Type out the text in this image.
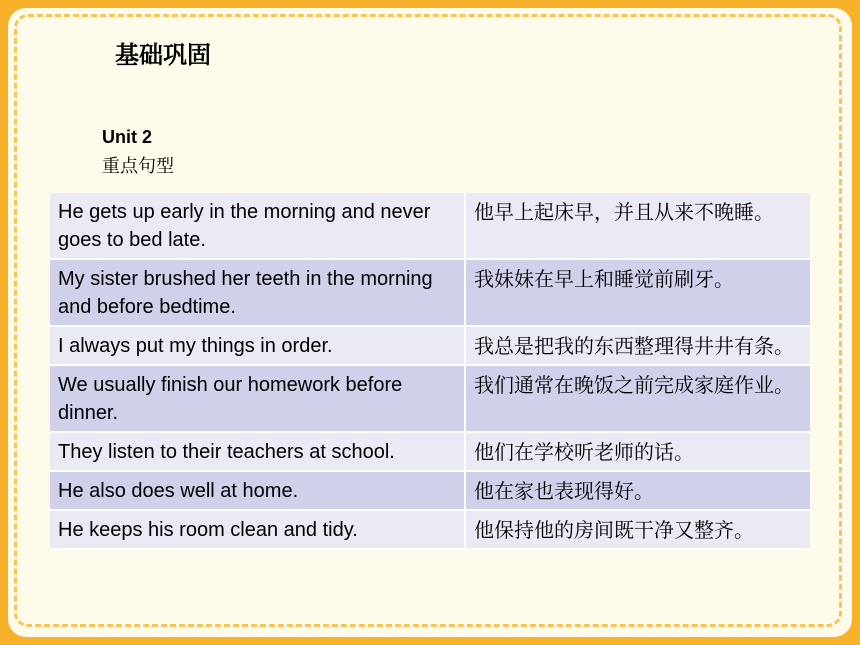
基础巩固
Unit 2
重点句型
He gets up early in the morning and never goes to bed late.	他早上起床早，并且从来不晚睡。
My sister brushed her teeth in the morning and before bedtime.	我妹妹在早上和睡觉前刷牙。
I always put my things in order.	我总是把我的东西整理得井井有条。
We usually finish our homework before dinner.	我们通常在晚饭之前完成家庭作业。
They listen to their teachers at school.	他们在学校听老师的话。
He also does well at home.	他在家也表现得好。
He keeps his room clean and tidy.	他保持他的房间既干净又整齐。
